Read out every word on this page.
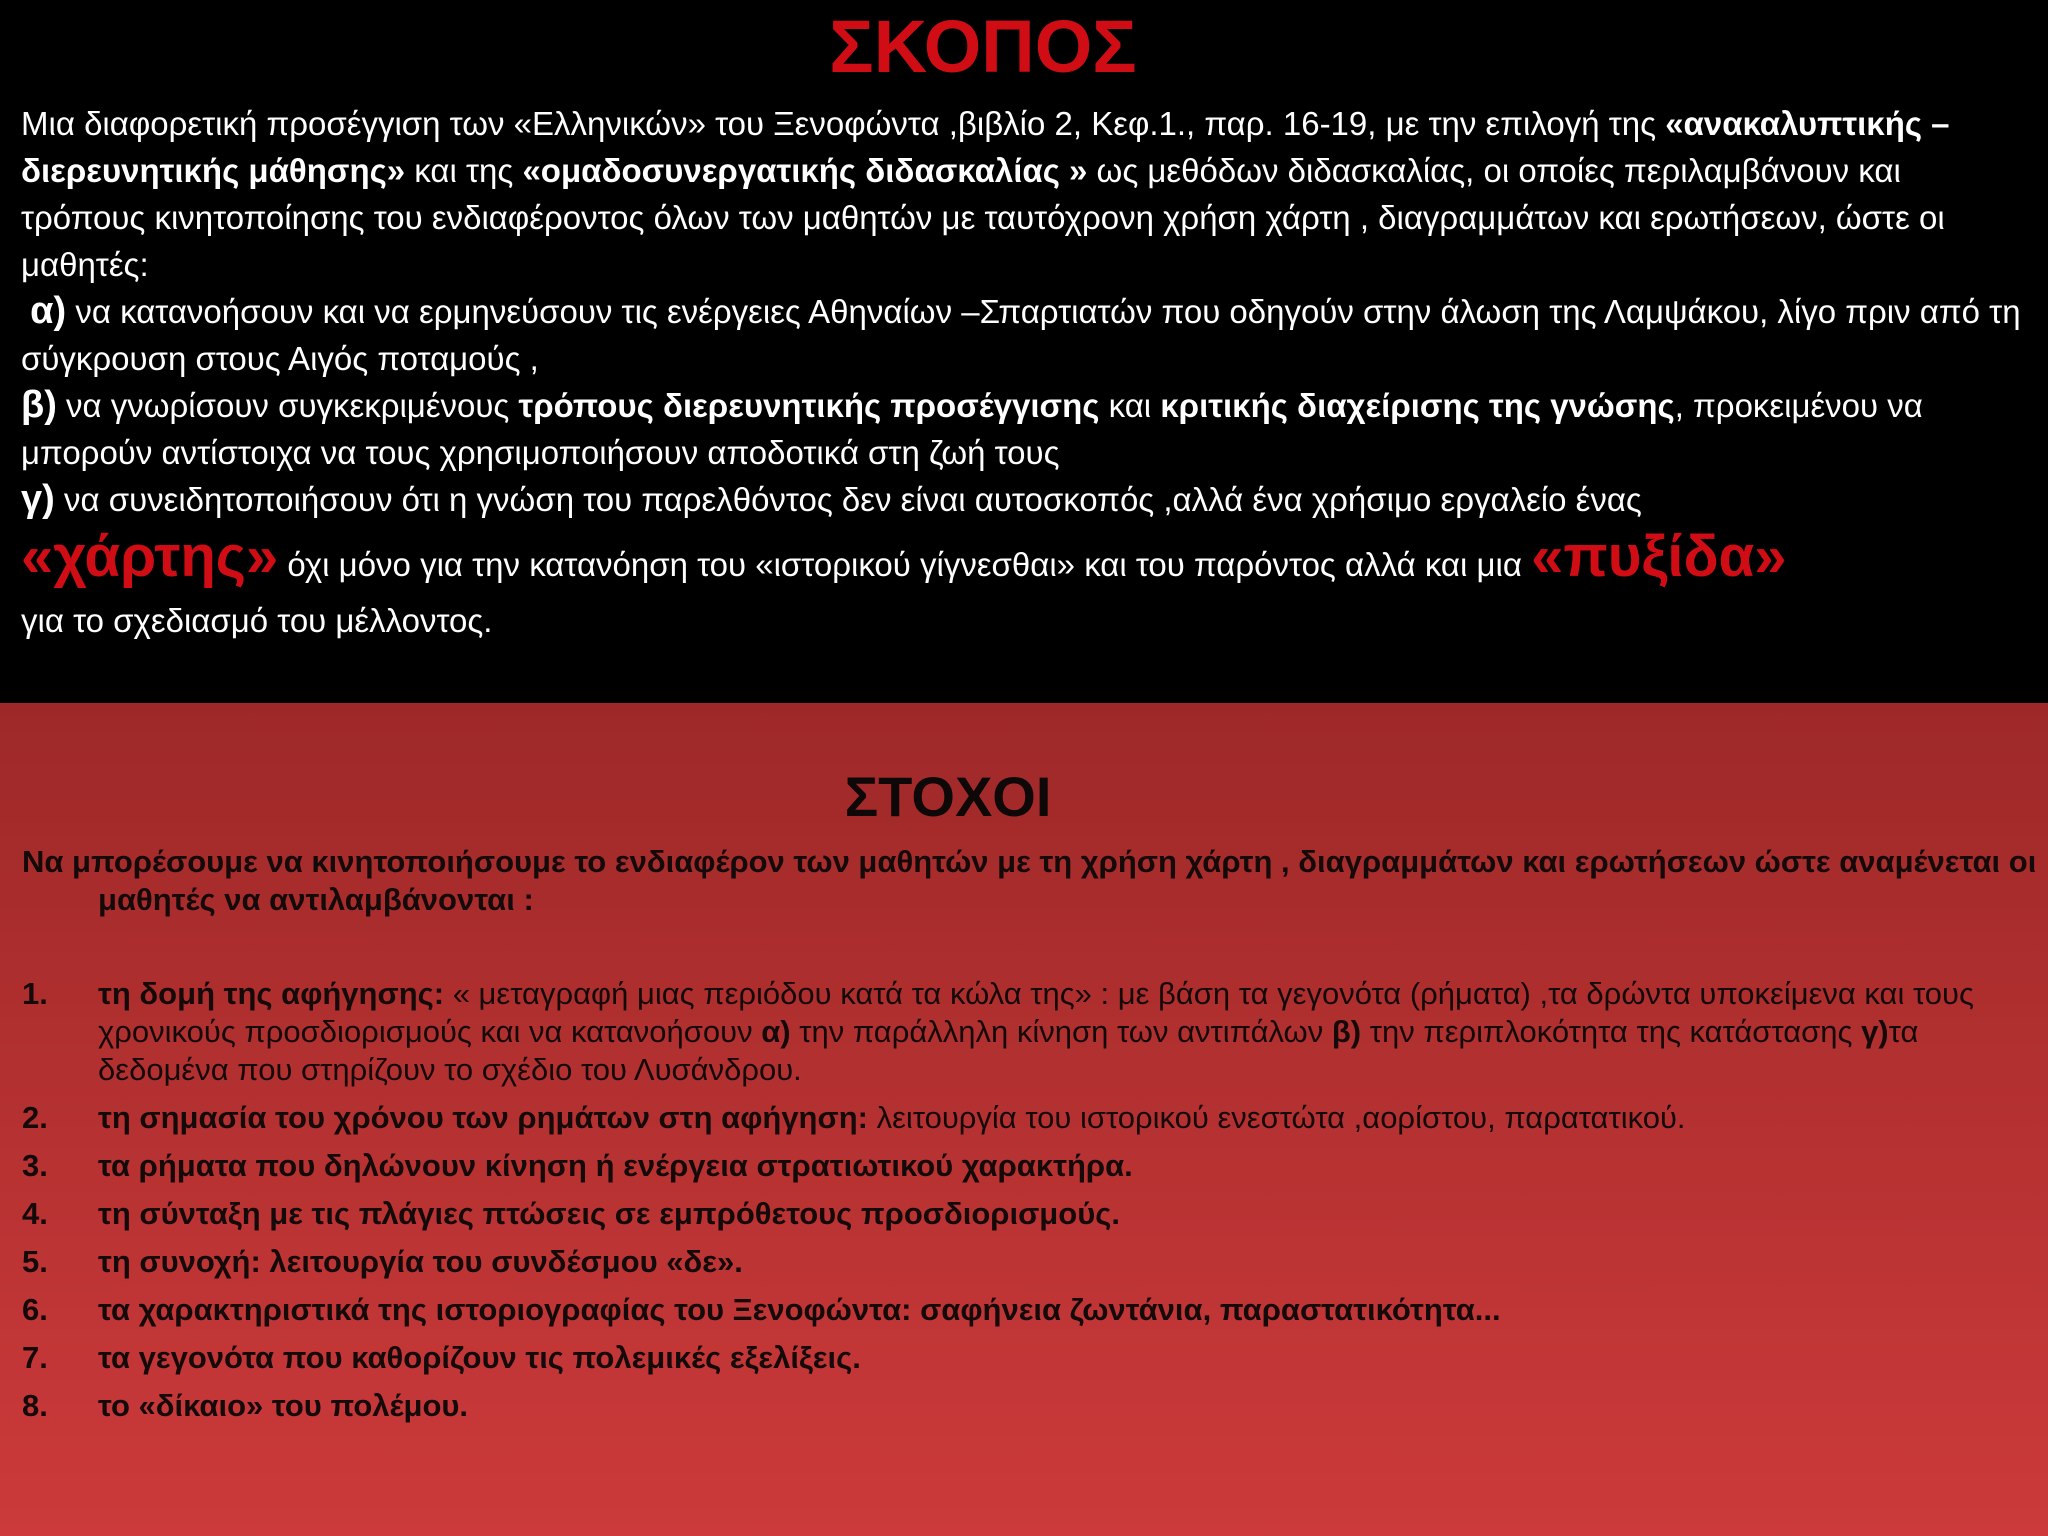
ΣΚΟΠΟΣ

Μια διαφορετική προσέγγιση των «Ελληνικών» του Ξενοφώντα ,βιβλίο 2, Κεφ.1., παρ. 16-19, με την επιλογή της «ανακαλυπτικής –διερευνητικής μάθησης» και της «ομαδοσυνεργατικής διδασκαλίας » ως μεθόδων διδασκαλίας, οι οποίες περιλαμβάνουν και τρόπους κινητοποίησης του ενδιαφέροντος όλων των μαθητών με ταυτόχρονη χρήση χάρτη , διαγραμμάτων και ερωτήσεων, ώστε οι μαθητές:

α) να κατανοήσουν και να ερμηνεύσουν τις ενέργειες Αθηναίων –Σπαρτιατών που οδηγούν στην άλωση της Λαμψάκου, λίγο πριν από τη σύγκρουση στους Αιγός ποταμούς ,

β) να γνωρίσουν συγκεκριμένους τρόπους διερευνητικής προσέγγισης και κριτικής διαχείρισης της γνώσης, προκειμένου να μπορούν αντίστοιχα να τους χρησιμοποιήσουν αποδοτικά στη ζωή τους

γ) να συνειδητοποιήσουν ότι η γνώση του παρελθόντος δεν είναι αυτοσκοπός ,αλλά ένα χρήσιμο εργαλείο ένας

«χάρτης» όχι μόνο για την κατανόηση του «ιστορικού γίγνεσθαι» και του παρόντος αλλά και μια «πυξίδα»

για το σχεδιασμό του μέλλοντος.

ΣΤΟΧΟΙ
Να μπορέσουμε να κινητοποιήσουμε το ενδιαφέρον των μαθητών με τη χρήση χάρτη , διαγραμμάτων και ερωτήσεων ώστε αναμένεται οι μαθητές να αντιλαμβάνονται :
1. τη δομή της αφήγησης: « μεταγραφή μιας περιόδου κατά τα κώλα της» : με βάση τα γεγονότα (ρήματα) ,τα δρώντα υποκείμενα και τους χρονικούς προσδιορισμούς και να κατανοήσουν α) την παράλληλη κίνηση των αντιπάλων β) την περιπλοκότητα της κατάστασης γ)τα δεδομένα που στηρίζουν το σχέδιο του Λυσάνδρου.
2. τη σημασία του χρόνου των ρημάτων στη αφήγηση: λειτουργία του ιστορικού ενεστώτα ,αορίστου, παρατατικού.
3. τα ρήματα που δηλώνουν κίνηση ή ενέργεια στρατιωτικού χαρακτήρα.
4. τη σύνταξη με τις πλάγιες πτώσεις σε εμπρόθετους προσδιορισμούς.
5. τη συνοχή: λειτουργία του συνδέσμου «δε».
6. τα χαρακτηριστικά της ιστοριογραφίας του Ξενοφώντα: σαφήνεια ζωντάνια, παραστατικότητα...
7. τα γεγονότα που καθορίζουν τις πολεμικές εξελίξεις.
8. το «δίκαιο» του πολέμου.
